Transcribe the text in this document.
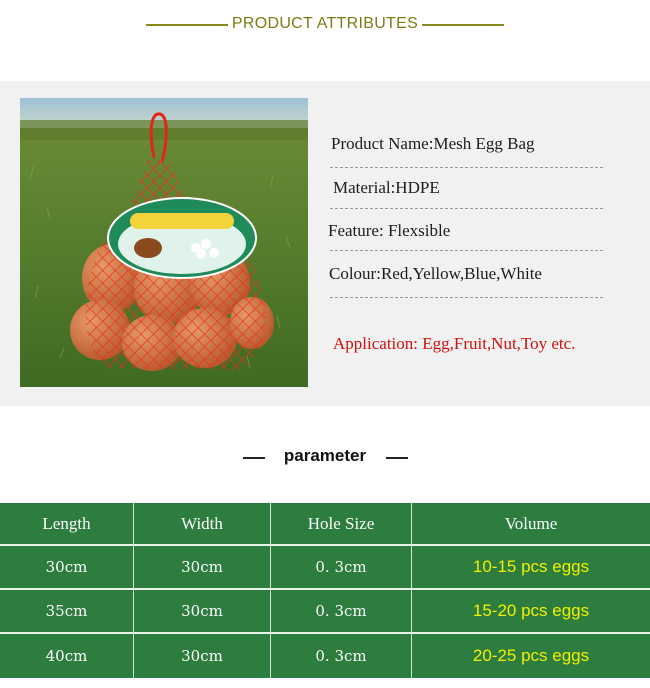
PRODUCT ATTRIBUTES
Product Name:Mesh Egg Bag
Material:HDPE
Feature: Flexsible
Colour:Red,Yellow,Blue,White
Application: Egg,Fruit,Nut,Toy etc.
parameter
Length	Width	Hole Size	Volume
30cm	30cm	0. 3cm	10-15 pcs eggs
35cm	30cm	0. 3cm	15-20 pcs eggs
40cm	30cm	0. 3cm	20-25 pcs eggs
